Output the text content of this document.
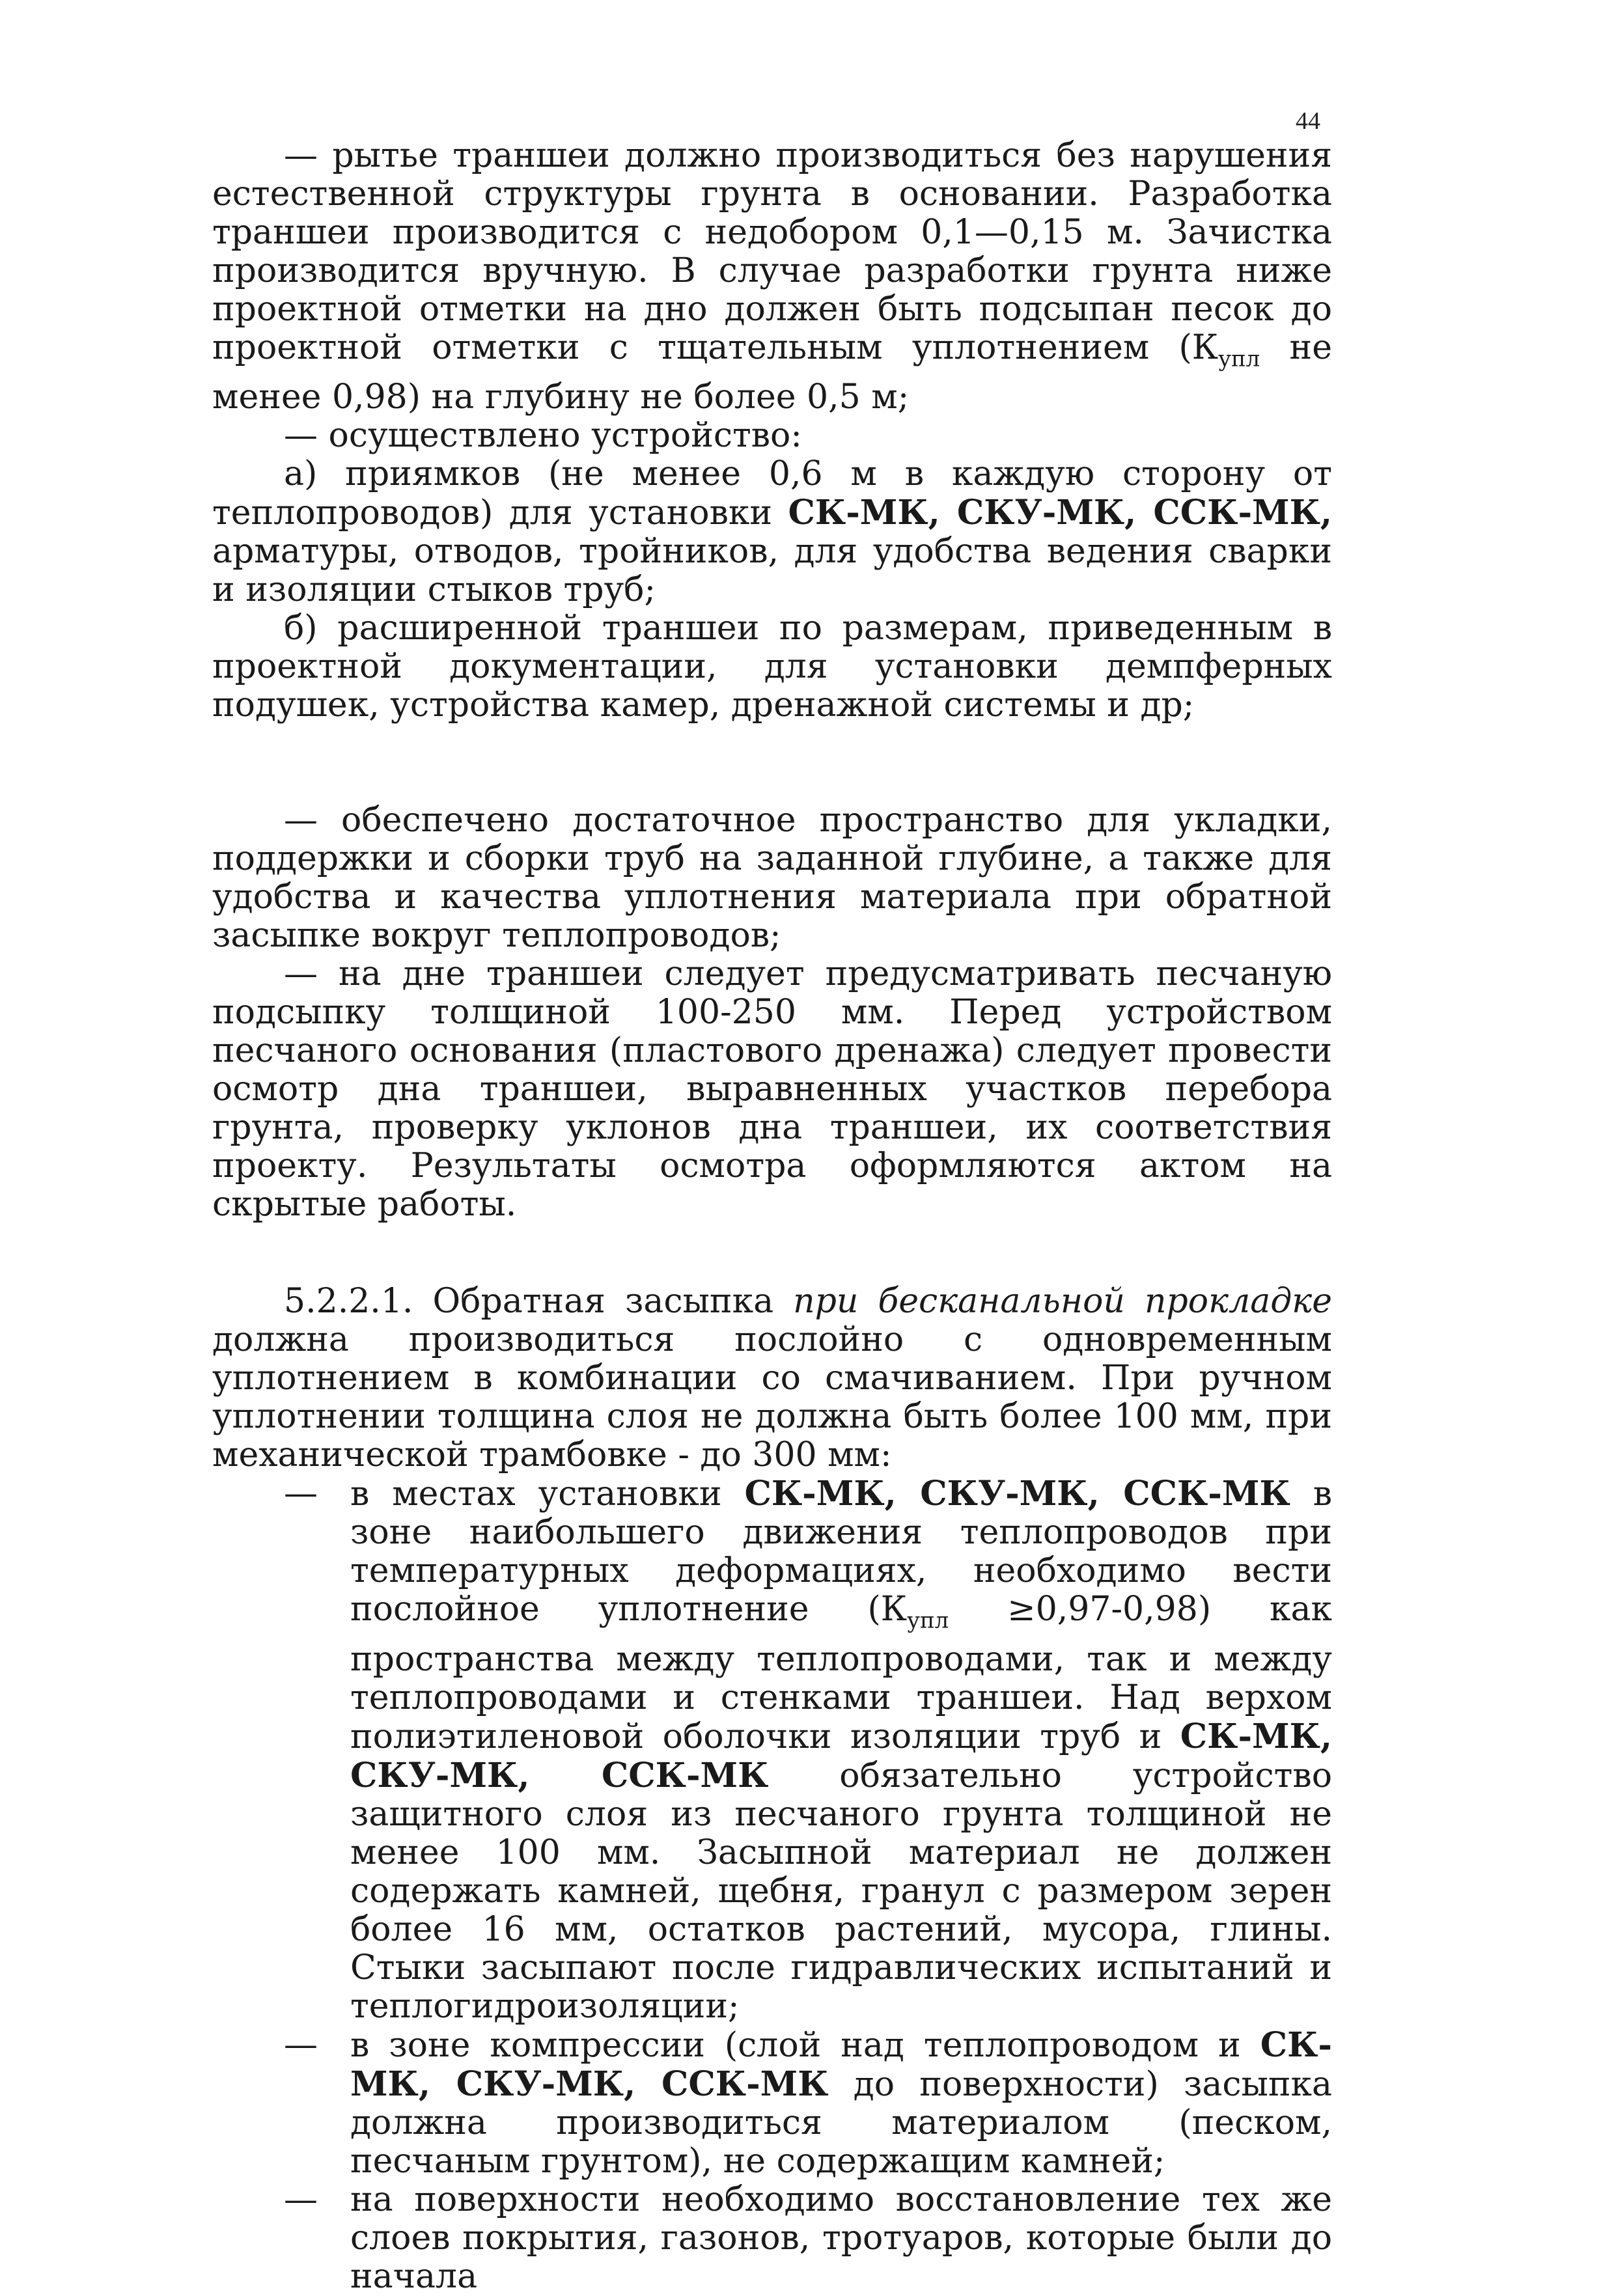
44

— рытье траншеи должно производиться без нарушения естественной структуры грунта в основании. Разработка траншеи производится с недобором 0,1—0,15 м. Зачистка производится вручную. В случае разработки грунта ниже проектной отметки на дно должен быть подсыпан песок до проектной отметки с тщательным уплотнением ($К_{упл}$ не менее 0,98) на глубину не более 0,5 м;

— осуществлено устройство:

а) приямков (не менее 0,6 м в каждую сторону от теплопроводов) для установки СК-МК, СКУ-МК, ССК-МК, арматуры, отводов, тройников, для удобства ведения сварки и изоляции стыков труб;

б) расширенной траншеи по размерам, приведенным в проектной документации, для установки демпферных подушек, устройства камер, дренажной системы и др;

— обеспечено достаточное пространство для укладки, поддержки и сборки труб на заданной глубине, а также для удобства и качества уплотнения материала при обратной засыпке вокруг теплопроводов;

— на дне траншеи следует предусматривать песчаную подсыпку толщиной 100-250 мм. Перед устройством песчаного основания (пластового дренажа) следует провести осмотр дна траншеи, выравненных участков перебора грунта, проверку уклонов дна траншеи, их соответствия проекту. Результаты осмотра оформляются актом на скрытые работы.

5.2.2.1. Обратная засыпка при бесканальной прокладке должна производиться послойно с одновременным уплотнением в комбинации со смачиванием. При ручном уплотнении толщина слоя не должна быть более 100 мм, при механической трамбовке - до 300 мм:

— в местах установки СК-МК, СКУ-МК, ССК-МК в зоне наибольшего движения теплопроводов при температурных деформациях, необходимо вести послойное уплотнение $(К_{упл} \ge 0,97-0,98)$ как пространства между теплопроводами, так и между теплопроводами и стенками траншеи. Над верхом полиэтиленовой оболочки изоляции труб и СК-МК, СКУ-МК, ССК-МК обязательно устройство защитного слоя из песчаного грунта толщиной не менее 100 мм. Засыпной материал не должен содержать камней, щебня, гранул с размером зерен более 16 мм, остатков растений, мусора, глины. Стыки засыпают после гидравлических испытаний и теплогидроизоляции;
— в зоне компрессии (слой над теплопроводом и СК-МК, СКУ-МК, ССК-МК до поверхности) засыпка должна производиться материалом (песком, песчаным грунтом), не содержащим камней;
— на поверхности необходимо восстановление тех же слоев покрытия, газонов, тротуаров, которые были до начала
